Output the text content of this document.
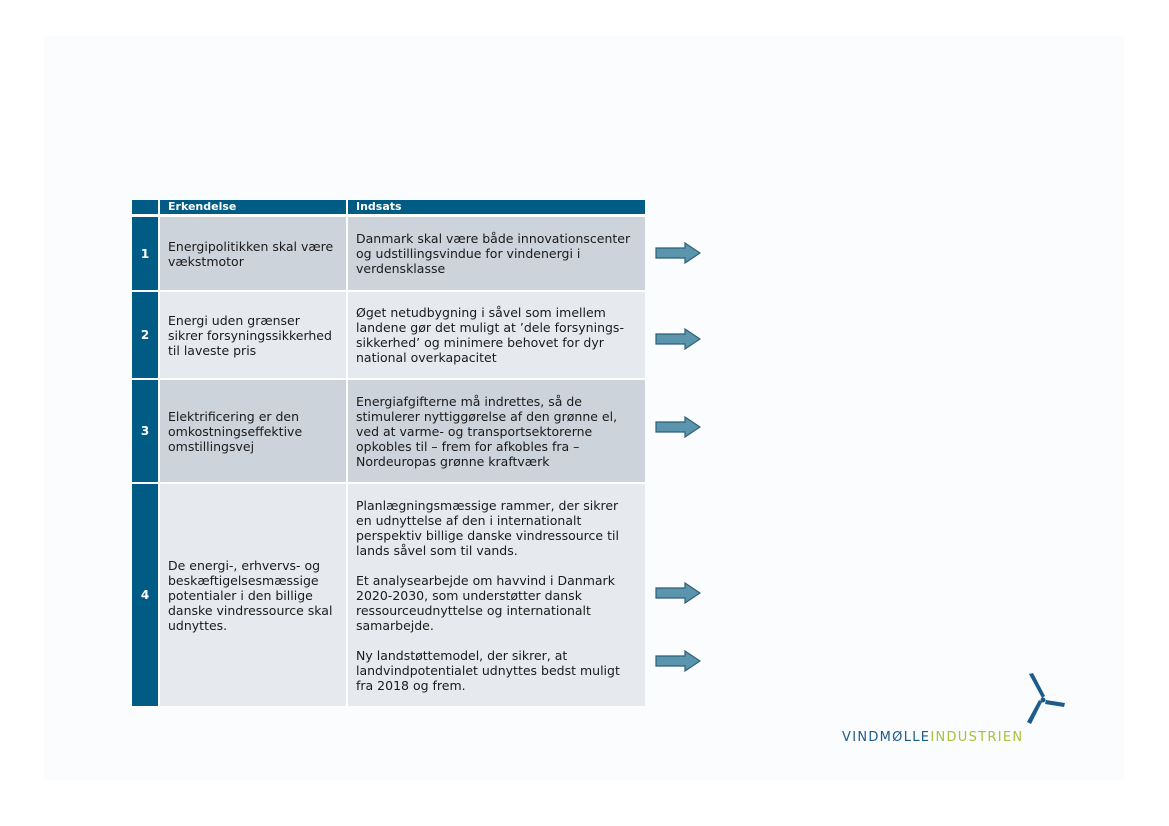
Erkendelse	Indsats
1	Energipolitikken skal være vækstmotor

Danmark skal være både innovationscenter og udstillingsvindue for vindenergi i verdensklasse

2

Energi uden grænser sikrer forsyningssikkerhed til laveste pris

Øget netudbygning i såvel som imellem landene gør det muligt at ’dele forsynings-sikkerhed’ og minimere behovet for dyr national overkapacitet

3

Elektrificering er den omkostningseffektive omstillingsvej

Energiafgifterne må indrettes, så de stimulerer nyttiggørelse af den grønne el, ved at varme- og transportsektorerne opkobles til – frem for afkobles fra – Nordeuropas grønne kraftværk

4

De energi-, erhvervs- og beskæftigelsesmæssige potentialer i den billige danske vindressource skal udnyttes.

Planlægningsmæssige rammer, der sikrer en udnyttelse af den i internationalt perspektiv billige danske vindressource til lands såvel som til vands.

Et analysearbejde om havvind i Danmark 2020-2030, som understøtter dansk ressourceudnyttelse og internationalt samarbejde.

Ny landstøttemodel, der sikrer, at landvindpotentialet udnyttes bedst muligt fra 2018 og frem.

VINDMØLLEINDUSTRIEN
